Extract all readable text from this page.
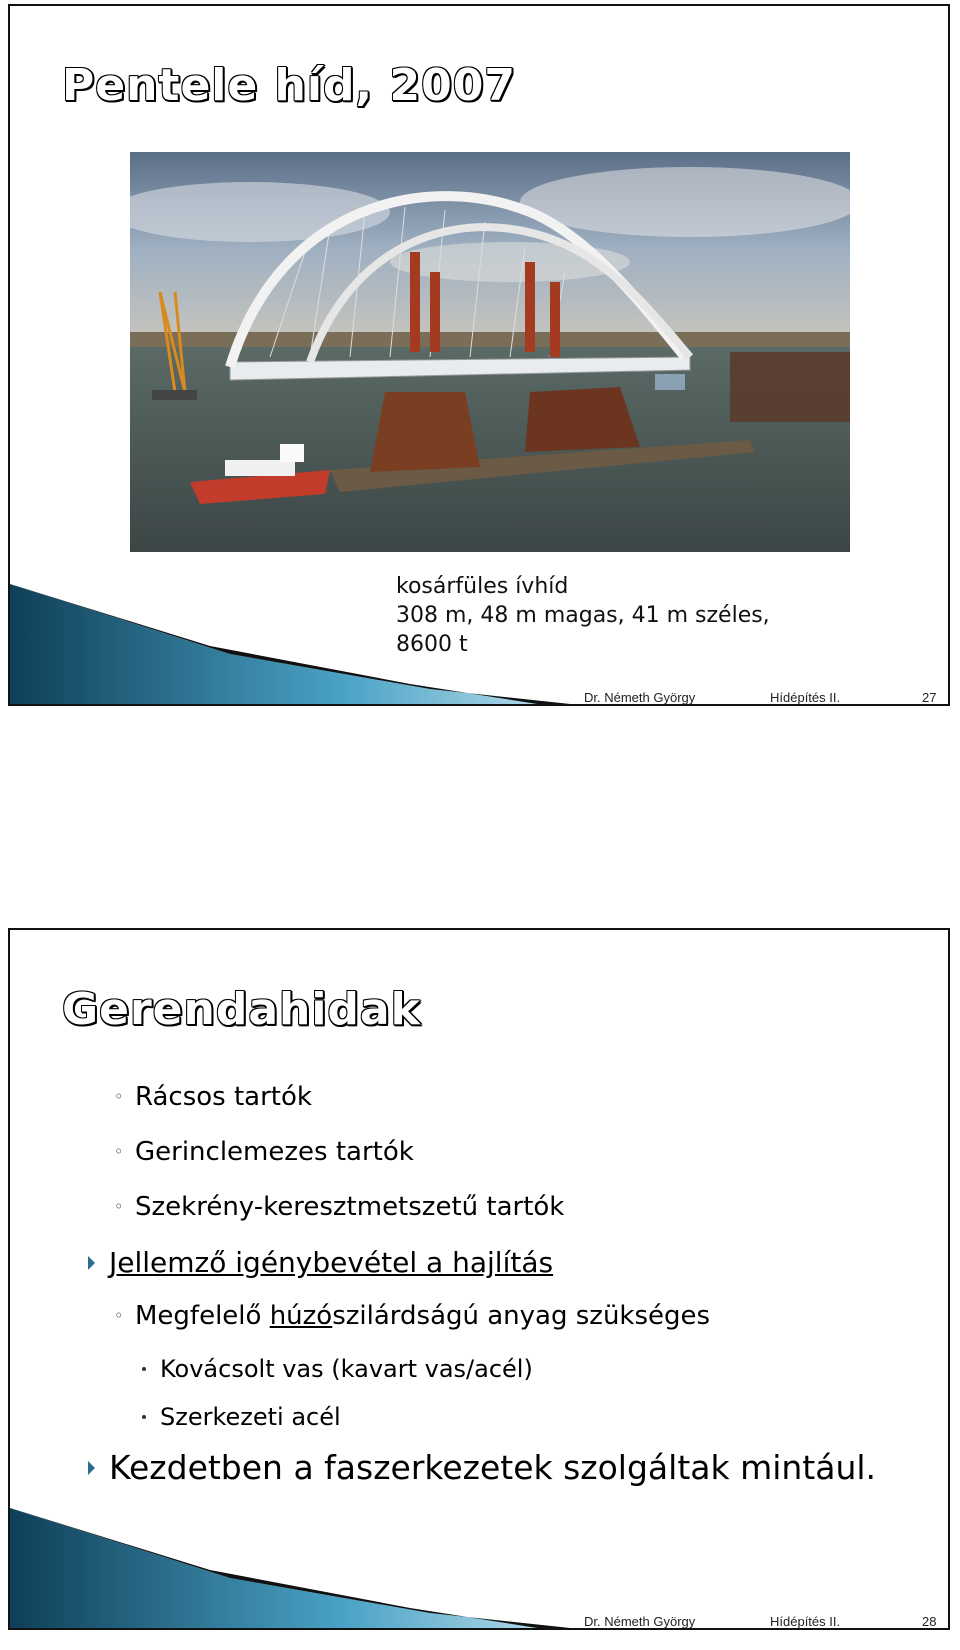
Pentele híd, 2007
kosárfüles ívhíd
308 m, 48 m magas, 41 m széles,
8600 t

Dr. Németh György	Hídépítés II.	27

Gerendahidak
◦ Rácsos tartók
◦ Gerinclemezes tartók
◦ Szekrény-keresztmetszetű tartók
Jellemző igénybevétel a hajlítás
◦ Megfelelő húzószilárdságú anyag szükséges
Kovácsolt vas (kavart vas/acél)
Szerkezeti acél
Kezdetben a faszerkezetek szolgáltak mintául.

Dr. Németh György	Hídépítés II.	28
